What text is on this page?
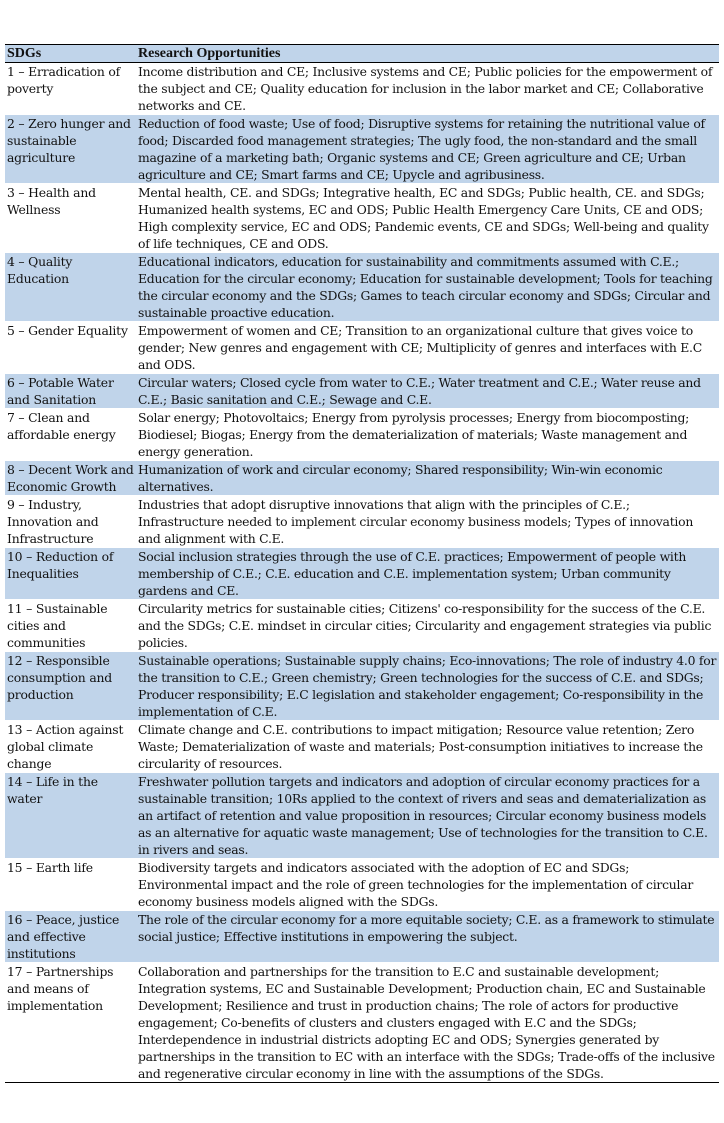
SDGs	Research Opportunities
1 – Erradication of poverty	Income distribution and CE; Inclusive systems and CE; Public policies for the empowerment of the subject and CE; Quality education for inclusion in the labor market and CE; Collaborative networks and CE.
2 – Zero hunger and sustainable agriculture	Reduction of food waste; Use of food; Disruptive systems for retaining the nutritional value of food; Discarded food management strategies; The ugly food, the non-standard and the small magazine of a marketing bath; Organic systems and CE; Green agriculture and CE; Urban agriculture and CE; Smart farms and CE; Upycle and agribusiness.
3 – Health and Wellness	Mental health, CE. and SDGs; Integrative health, EC and SDGs; Public health, CE. and SDGs; Humanized health systems, EC and ODS; Public Health Emergency Care Units, CE and ODS; High complexity service, EC and ODS; Pandemic events, CE and SDGs; Well-being and quality of life techniques, CE and ODS.
4 – Quality Education	Educational indicators, education for sustainability and commitments assumed with C.E.; Education for the circular economy; Education for sustainable development; Tools for teaching the circular economy and the SDGs; Games to teach circular economy and SDGs; Circular and sustainable proactive education.
5 – Gender Equality	Empowerment of women and CE; Transition to an organizational culture that gives voice to gender; New genres and engagement with CE; Multiplicity of genres and interfaces with E.C and ODS.
6 – Potable Water and Sanitation	Circular waters; Closed cycle from water to C.E.; Water treatment and C.E.; Water reuse and C.E.; Basic sanitation and C.E.; Sewage and C.E.
7 – Clean and affordable energy	Solar energy; Photovoltaics; Energy from pyrolysis processes; Energy from biocomposting; Biodiesel; Biogas; Energy from the dematerialization of materials; Waste management and energy generation.
8 – Decent Work and Economic Growth	Humanization of work and circular economy; Shared responsibility; Win-win economic alternatives.
9 – Industry, Innovation and Infrastructure	Industries that adopt disruptive innovations that align with the principles of C.E.; Infrastructure needed to implement circular economy business models; Types of innovation and alignment with C.E.
10 – Reduction of Inequalities	Social inclusion strategies through the use of C.E. practices; Empowerment of people with membership of C.E.; C.E. education and C.E. implementation system; Urban community gardens and CE.
11 – Sustainable cities and communities	Circularity metrics for sustainable cities; Citizens' co-responsibility for the success of the C.E. and the SDGs; C.E. mindset in circular cities; Circularity and engagement strategies via public policies.
12 – Responsible consumption and production	Sustainable operations; Sustainable supply chains; Eco-innovations; The role of industry 4.0 for the transition to C.E.; Green chemistry; Green technologies for the success of C.E. and SDGs; Producer responsibility; E.C legislation and stakeholder engagement; Co-responsibility in the implementation of C.E.
13 – Action against global climate change	Climate change and C.E. contributions to impact mitigation; Resource value retention; Zero Waste; Dematerialization of waste and materials; Post-consumption initiatives to increase the circularity of resources.
14 – Life in the water	Freshwater pollution targets and indicators and adoption of circular economy practices for a sustainable transition; 10Rs applied to the context of rivers and seas and dematerialization as an artifact of retention and value proposition in resources; Circular economy business models as an alternative for aquatic waste management; Use of technologies for the transition to C.E. in rivers and seas.
15 – Earth life	Biodiversity targets and indicators associated with the adoption of EC and SDGs; Environmental impact and the role of green technologies for the implementation of circular economy business models aligned with the SDGs.
16 – Peace, justice and effective institutions	The role of the circular economy for a more equitable society; C.E. as a framework to stimulate social justice; Effective institutions in empowering the subject.
17 – Partnerships and means of implementation	Collaboration and partnerships for the transition to E.C and sustainable development; Integration systems, EC and Sustainable Development; Production chain, EC and Sustainable Development; Resilience and trust in production chains; The role of actors for productive engagement; Co-benefits of clusters and clusters engaged with E.C and the SDGs; Interdependence in industrial districts adopting EC and ODS; Synergies generated by partnerships in the transition to EC with an interface with the SDGs; Trade-offs of the inclusive and regenerative circular economy in line with the assumptions of the SDGs.
